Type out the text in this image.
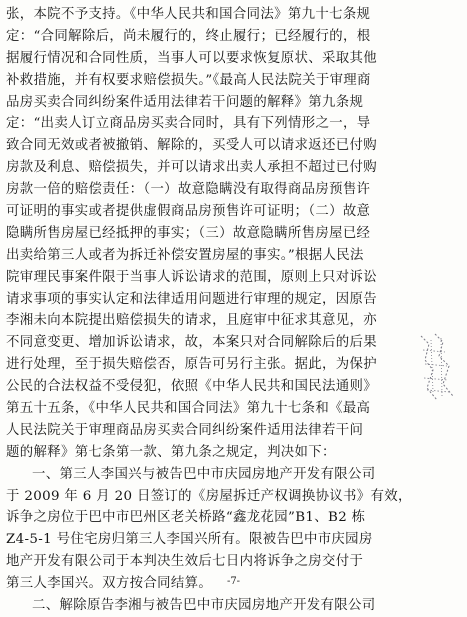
张，本院不予支持。《中华人民共和国合同法》第九十七条规
定：“合同解除后，尚未履行的，终止履行；已经履行的，根
据履行情况和合同性质，当事人可以要求恢复原状、采取其他
补救措施，并有权要求赔偿损失。”《最高人民法院关于审理商
品房买卖合同纠纷案件适用法律若干问题的解释》第九条规
定：“出卖人订立商品房买卖合同时，具有下列情形之一，导
致合同无效或者被撤销、解除的，买受人可以请求返还已付购
房款及利息、赔偿损失，并可以请求出卖人承担不超过已付购
房款一倍的赔偿责任：（一）故意隐瞒没有取得商品房预售许
可证明的事实或者提供虚假商品房预售许可证明；（二）故意
隐瞒所售房屋已经抵押的事实；（三）故意隐瞒所售房屋已经
出卖给第三人或者为拆迁补偿安置房屋的事实。”根据人民法
院审理民事案件限于当事人诉讼请求的范围，原则上只对诉讼
请求事项的事实认定和法律适用问题进行审理的规定，因原告
李湘未向本院提出赔偿损失的请求，且庭审中征求其意见，亦
不同意变更、增加诉讼请求，故，本案只对合同解除后的后果
进行处理，至于损失赔偿否，原告可另行主张。据此，为保护
公民的合法权益不受侵犯，依照《中华人民共和国民法通则》
第五十五条，《中华人民共和国合同法》第九十七条和《最高
人民法院关于审理商品房买卖合同纠纷案件适用法律若干问
题的解释》第七条第一款、第九条之规定，判决如下：
一、第三人李国兴与被告巴中市庆园房地产开发有限公司
于 2009 年 6 月 20 日签订的《房屋拆迁产权调换协议书》有效，
诉争之房位于巴中市巴州区老关桥路“鑫龙花园”B1、B2 栋
Z4-5-1 号住宅房归第三人李国兴所有。限被告巴中市庆园房
地产开发有限公司于本判决生效后七日内将诉争之房交付于
第三人李国兴。双方按合同结算。
二、解除原告李湘与被告巴中市庆园房地产开发有限公司
-7-
